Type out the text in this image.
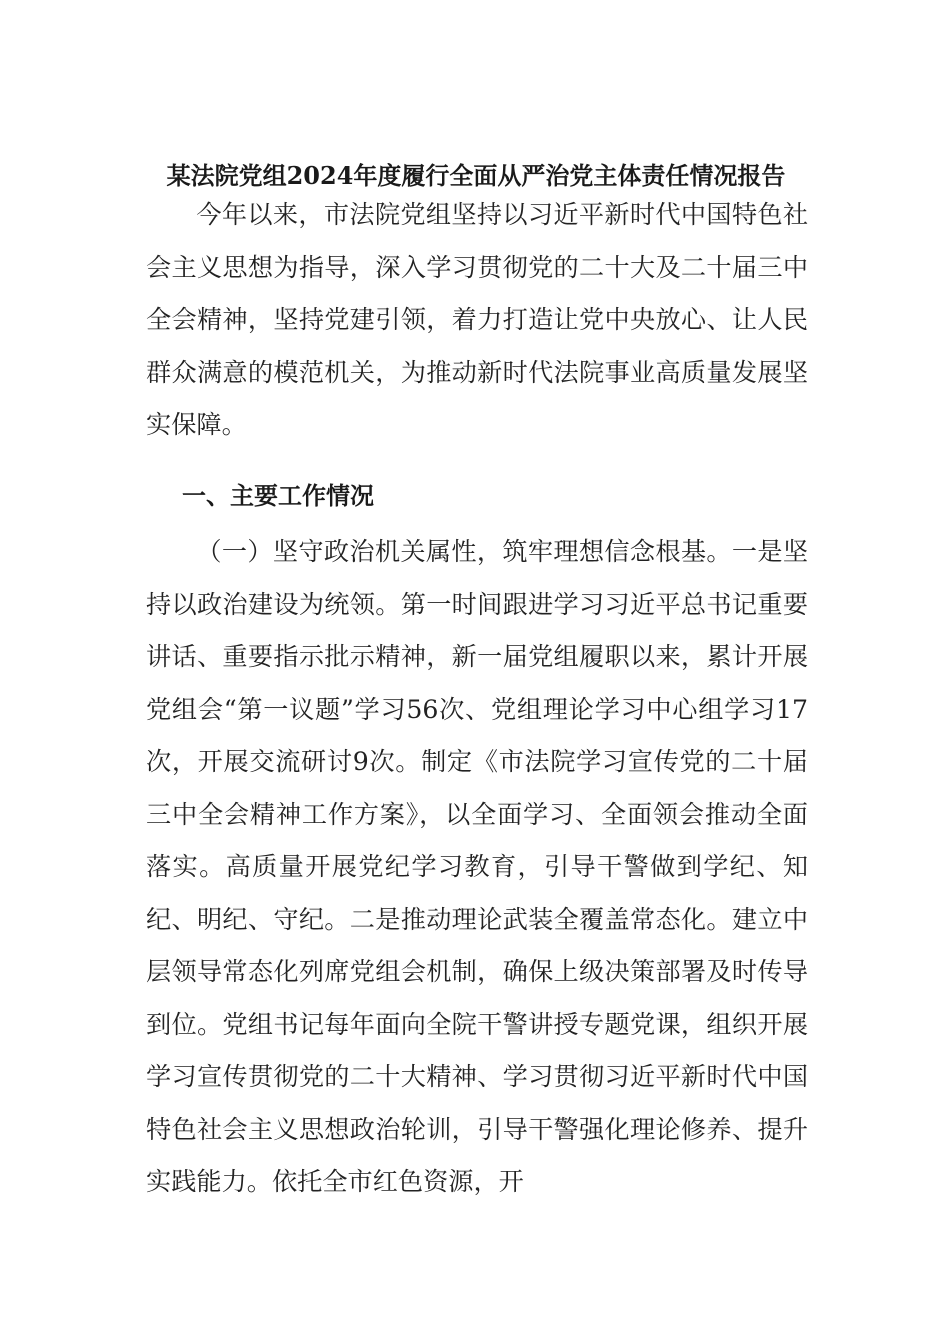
某法院党组2024年度履行全面从严治党主体责任情况报告

今年以来，市法院党组坚持以习近平新时代中国特色社会主义思想为指导，深入学习贯彻党的二十大及二十届三中全会精神，坚持党建引领，着力打造让党中央放心、让人民群众满意的模范机关，为推动新时代法院事业高质量发展坚实保障。

一、主要工作情况

（一）坚守政治机关属性，筑牢理想信念根基。一是坚持以政治建设为统领。第一时间跟进学习习近平总书记重要讲话、重要指示批示精神，新一届党组履职以来，累计开展党组会“第一议题”学习56次、党组理论学习中心组学习17次，开展交流研讨9次。制定《市法院学习宣传党的二十届三中全会精神工作方案》，以全面学习、全面领会推动全面落实。高质量开展党纪学习教育，引导干警做到学纪、知纪、明纪、守纪。二是推动理论武装全覆盖常态化。建立中层领导常态化列席党组会机制，确保上级决策部署及时传导到位。党组书记每年面向全院干警讲授专题党课，组织开展学习宣传贯彻党的二十大精神、学习贯彻习近平新时代中国特色社会主义思想政治轮训，引导干警强化理论修养、提升实践能力。依托全市红色资源，开
